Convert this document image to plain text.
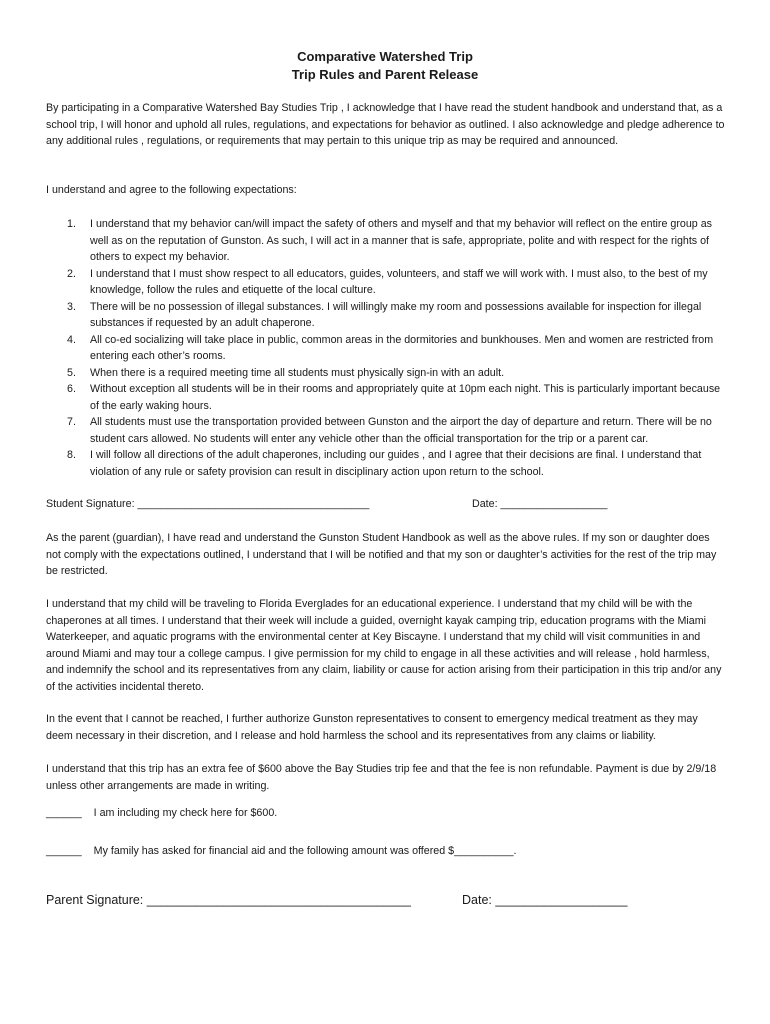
Comparative Watershed Trip
Trip Rules and Parent Release

By participating in a Comparative Watershed Bay Studies Trip , I acknowledge that I have read the student handbook and understand that, as a school trip, I will honor and uphold all rules, regulations, and expectations for behavior as outlined. I also acknowledge and pledge adherence to any additional rules , regulations, or requirements that may pertain to this unique trip as may be required and announced.

I understand and agree to the following expectations:

1. I understand that my behavior can/will impact the safety of others and myself and that my behavior will reflect on the entire group as well as on the reputation of Gunston. As such, I will act in a manner that is safe, appropriate, polite and with respect for the rights of others to expect my behavior.
2. I understand that I must show respect to all educators, guides, volunteers, and staff we will work with. I must also, to the best of my knowledge, follow the rules and etiquette of the local culture.
3. There will be no possession of illegal substances. I will willingly make my room and possessions available for inspection for illegal substances if requested by an adult chaperone.
4. All co-ed socializing will take place in public, common areas in the dormitories and bunkhouses. Men and women are restricted from entering each other’s rooms.
5. When there is a required meeting time all students must physically sign-in with an adult.
6. Without exception all students will be in their rooms and appropriately quite at 10pm each night. This is particularly important because of the early waking hours.
7. All students must use the transportation provided between Gunston and the airport the day of departure and return. There will be no student cars allowed. No students will enter any vehicle other than the official transportation for the trip or a parent car.
8. I will follow all directions of the adult chaperones, including our guides , and I agree that their decisions are final. I understand that violation of any rule or safety provision can result in disciplinary action upon return to the school.
Student Signature: _______________________________________	Date: __________________

As the parent (guardian), I have read and understand the Gunston Student Handbook as well as the above rules. If my son or daughter does not comply with the expectations outlined, I understand that I will be notified and that my son or daughter’s activities for the rest of the trip may be restricted.

I understand that my child will be traveling to Florida Everglades for an educational experience. I understand that my child will be with the chaperones at all times. I understand that their week will include a guided, overnight kayak camping trip, education programs with the Miami Waterkeeper, and aquatic programs with the environmental center at Key Biscayne. I understand that my child will visit communities in and around Miami and may tour a college campus. I give permission for my child to engage in all these activities and will release , hold harmless, and indemnify the school and its representatives from any claim, liability or cause for action arising from their participation in this trip and/or any of the activities incidental thereto.

In the event that I cannot be reached, I further authorize Gunston representatives to consent to emergency medical treatment as they may deem necessary in their discretion, and I release and hold harmless the school and its representatives from any claims or liability.

I understand that this trip has an extra fee of $600 above the Bay Studies trip fee and that the fee is non refundable. Payment is due by 2/9/18 unless other arrangements are made in writing.

______ I am including my check here for $600.
______ My family has asked for financial aid and the following amount was offered $__________.
Parent Signature: ______________________________________	Date: ___________________
